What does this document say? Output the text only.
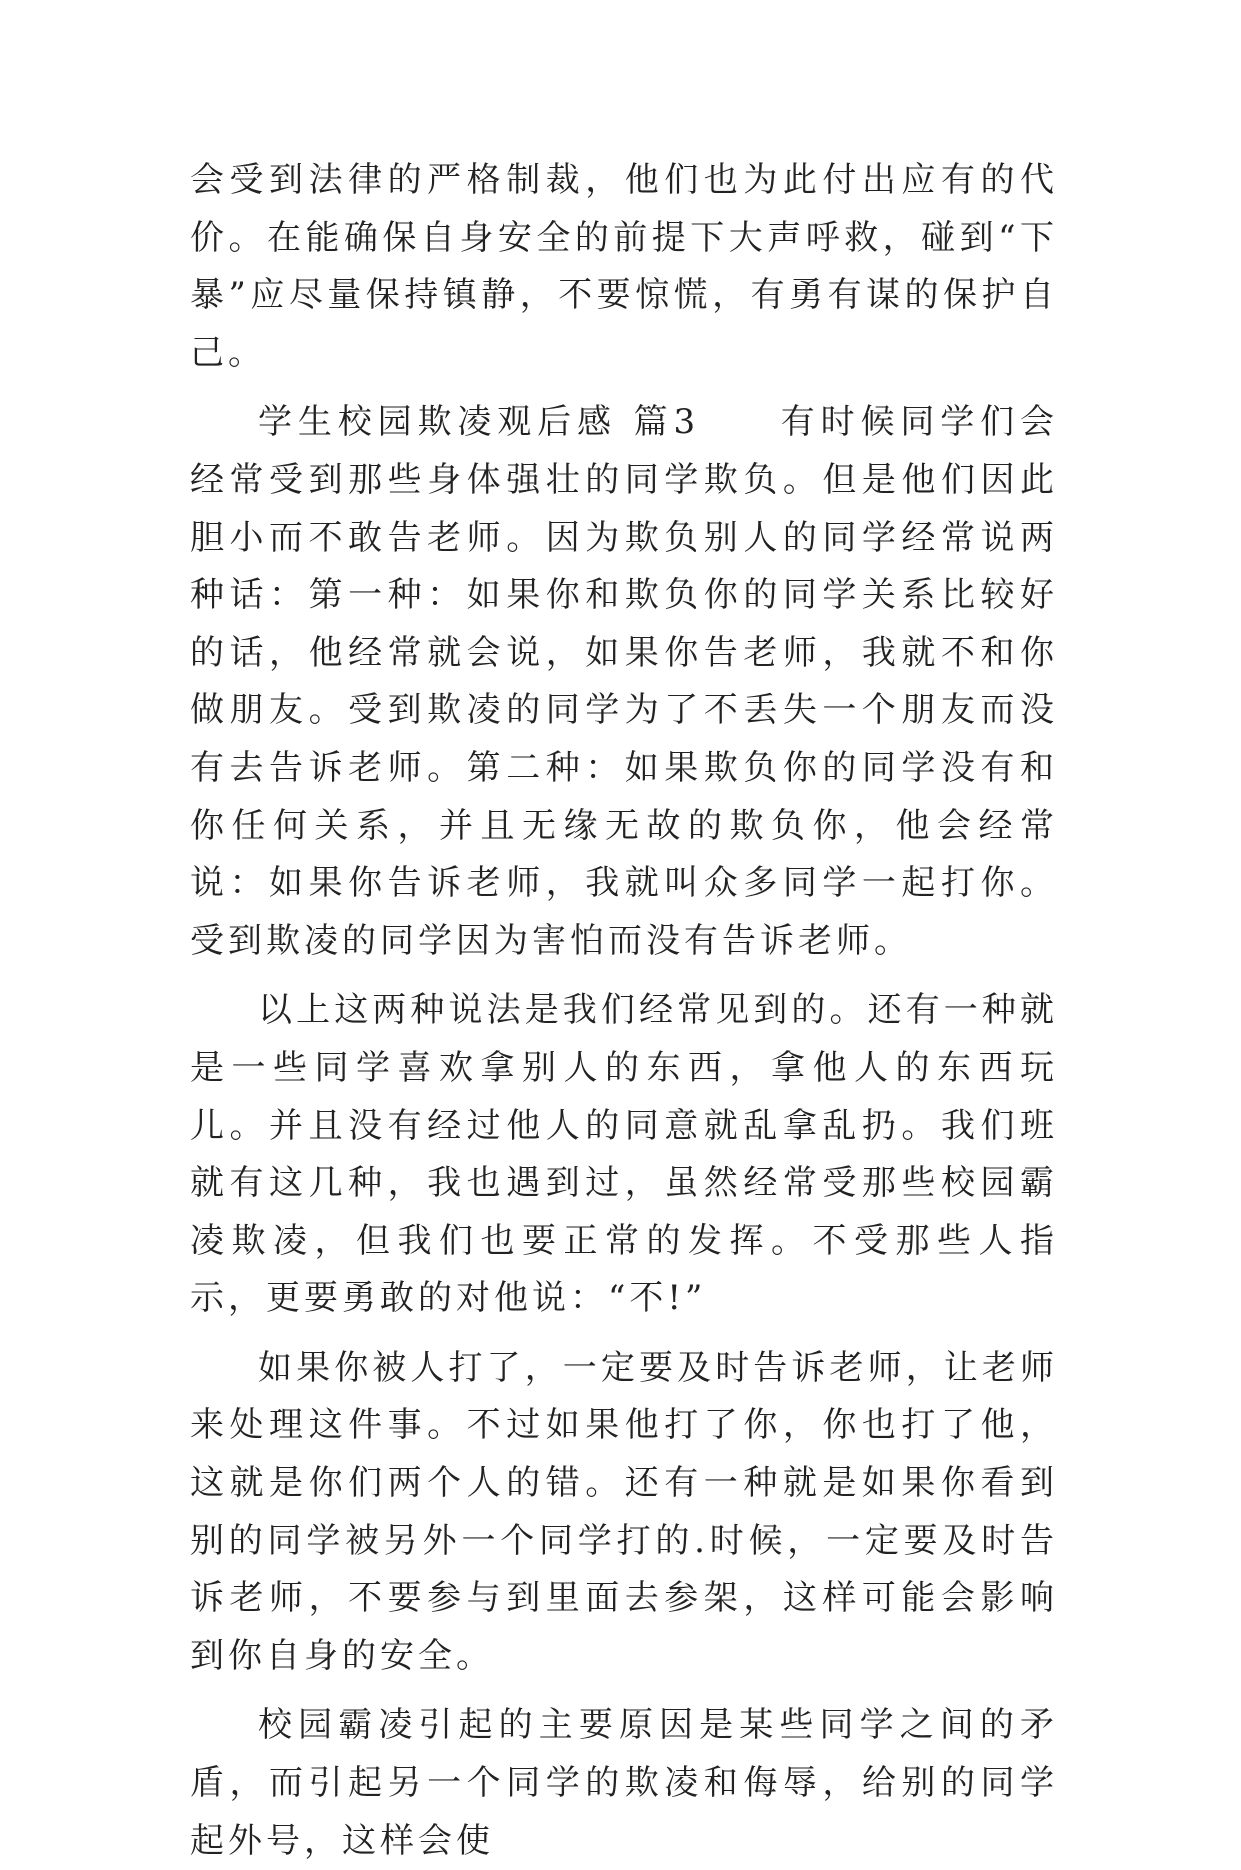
会受到法律的严格制裁，他们也为此付出应有的代价。在能确保自身安全的前提下大声呼救，碰到“下暴”应尽量保持镇静，不要惊慌，有勇有谋的保护自己。

学生校园欺凌观后感 篇3　　有时候同学们会经常受到那些身体强壮的同学欺负。但是他们因此胆小而不敢告老师。因为欺负别人的同学经常说两种话：第一种：如果你和欺负你的同学关系比较好的话，他经常就会说，如果你告老师，我就不和你做朋友。受到欺凌的同学为了不丢失一个朋友而没有去告诉老师。第二种：如果欺负你的同学没有和你任何关系，并且无缘无故的欺负你，他会经常说：如果你告诉老师，我就叫众多同学一起打你。受到欺凌的同学因为害怕而没有告诉老师。

以上这两种说法是我们经常见到的。还有一种就是一些同学喜欢拿别人的东西，拿他人的东西玩儿。并且没有经过他人的同意就乱拿乱扔。我们班就有这几种，我也遇到过，虽然经常受那些校园霸凌欺凌，但我们也要正常的发挥。不受那些人指示，更要勇敢的对他说：“不!”

如果你被人打了，一定要及时告诉老师，让老师来处理这件事。不过如果他打了你，你也打了他，这就是你们两个人的错。还有一种就是如果你看到别的同学被另外一个同学打的.时候，一定要及时告诉老师，不要参与到里面去参架，这样可能会影响到你自身的安全。

校园霸凌引起的主要原因是某些同学之间的矛盾，而引起另一个同学的欺凌和侮辱，给别的同学起外号，这样会使
